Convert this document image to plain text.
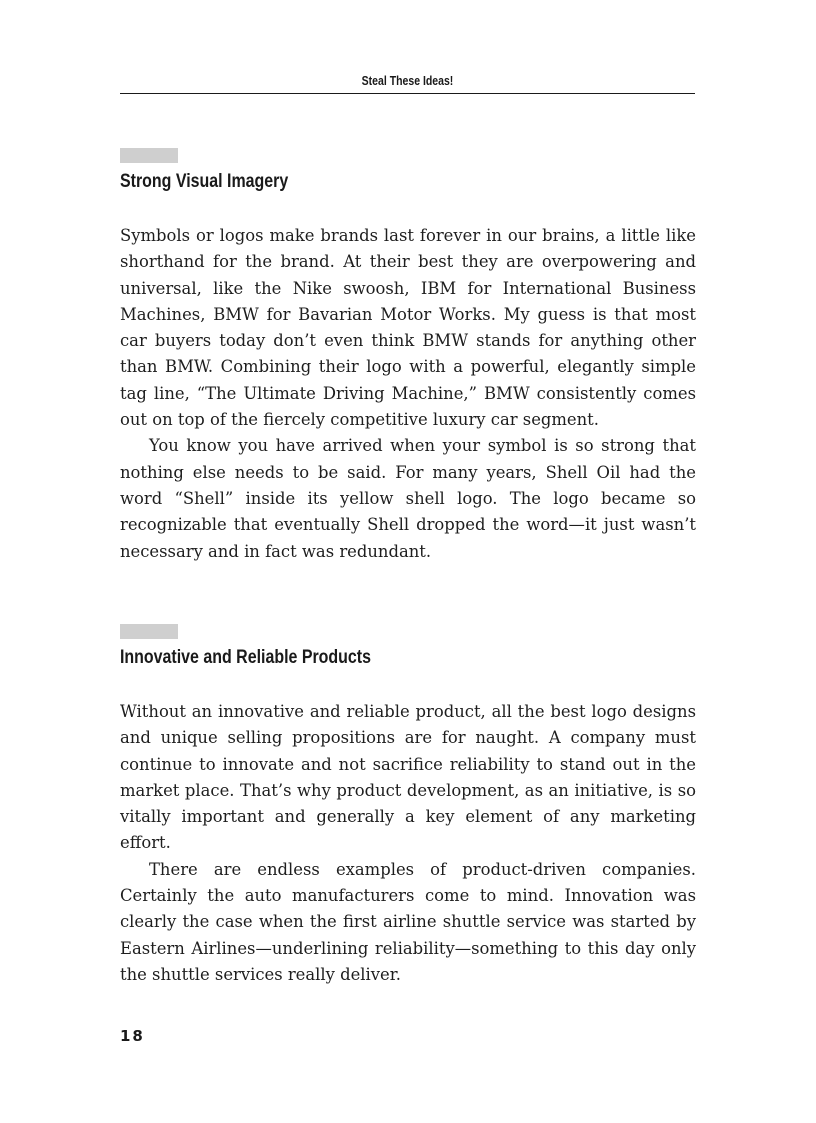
Steal These Ideas!
Strong Visual Imagery

Symbols or logos make brands last forever in our brains, a little like shorthand for the brand. At their best they are overpowering and universal, like the Nike swoosh, IBM for International Business Machines, BMW for Bavarian Motor Works. My guess is that most car buyers today don’t even think BMW stands for anything other than BMW. Combining their logo with a powerful, elegantly simple tag line, “The Ultimate Driving Machine,” BMW consistently comes out on top of the fiercely competitive luxury car segment.

You know you have arrived when your symbol is so strong that nothing else needs to be said. For many years, Shell Oil had the word “Shell” inside its yellow shell logo. The logo became so recognizable that eventually Shell dropped the word—it just wasn’t necessary and in fact was redundant.

Innovative and Reliable Products

Without an innovative and reliable product, all the best logo designs and unique selling propositions are for naught. A company must continue to innovate and not sacrifice reliability to stand out in the market place. That’s why product development, as an initiative, is so vitally important and generally a key element of any marketing effort.

There are endless examples of product-driven companies. Certainly the auto manufacturers come to mind. Innovation was clearly the case when the first airline shuttle service was started by Eastern Airlines—underlining reliability—something to this day only the shuttle services really deliver.

18
